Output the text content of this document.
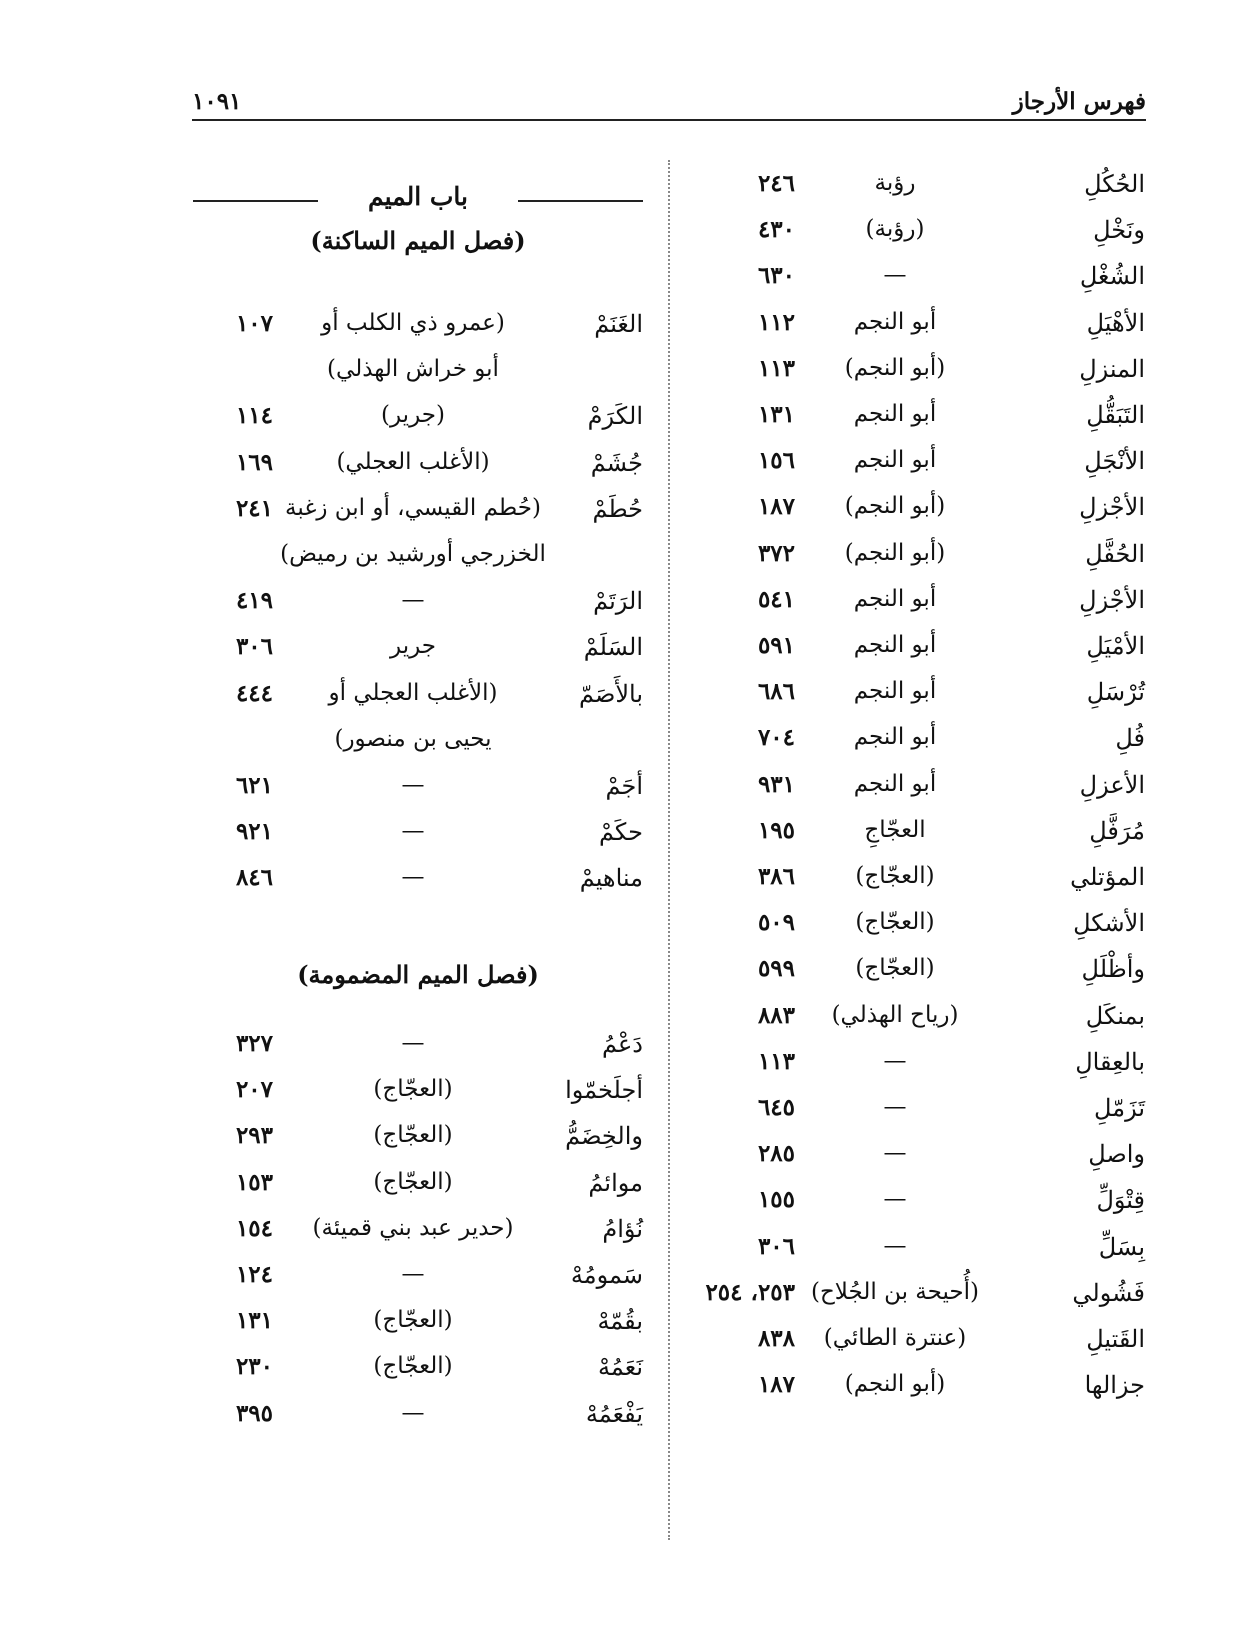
فهرس الأرجاز
١٠٩١
الحُكُلِ
رؤبة
٢٤٦
ونَخْلِ
(رؤبة)
٤٣٠
الشُغْلِ
—
٦٣٠
الأهْيَلِ
أبو النجم
١١٢
المنزلِ
(أبو النجم)
١١٣
التَبَقُّلِ
أبو النجم
١٣١
الأنْجَلِ
أبو النجم
١٥٦
الأجْزلِ
(أبو النجم)
١٨٧
الحُفَّلِ
(أبو النجم)
٣٧٢
الأجْزلِ
أبو النجم
٥٤١
الأمْيَلِ
أبو النجم
٥٩١
تُرْسَلِ
أبو النجم
٦٨٦
فُلِ
أبو النجم
٧٠٤
الأعزلِ
أبو النجم
٩٣١
مُرَفَّلِ
العجّاجِ
١٩٥
المؤتلي
(العجّاج)
٣٨٦
الأشكلِ
(العجّاج)
٥٠٩
وأظْلَلِ
(العجّاج)
٥٩٩
بمنكَلِ
(رياح الهذلي)
٨٨٣
بالعِقالِ
—
١١٣
تَزَمّلِ
—
٦٤٥
واصلِ
—
٢٨٥
قِتْوَلِّ
—
١٥٥
بِسَلِّ
—
٣٠٦
فَشُولي
(أُحيحة بن الجُلاح)
٢٥٣، ٢٥٤
القَتيلِ
(عنترة الطائي)
٨٣٨
جزالها
(أبو النجم)
١٨٧
باب الميم
(فصل الميم الساكنة)
الغَنَمْ
(عمرو ذي الكلب أو
١٠٧
أبو خراش الهذلي)
الكَرَمْ
(جرير)
١١٤
جُشَمْ
(الأغلب العجلي)
١٦٩
حُطَمْ
(حُطم القيسي، أو ابن زغبة
٢٤١
الخزرجي أورشيد بن رميض)
الرَتَمْ
—
٤١٩
السَلَمْ
جرير
٣٠٦
بالأَصَمّ
(الأغلب العجلي أو
٤٤٤
يحيى بن منصور)
أجَمْ
—
٦٢١
حكَمْ
—
٩٢١
مناهيمْ
—
٨٤٦
(فصل الميم المضمومة)
دَعْمُ
—
٣٢٧
أجلَخمّوا
(العجّاج)
٢٠٧
والخِضَمُّ
(العجّاج)
٢٩٣
موائمُ
(العجّاج)
١٥٣
نُؤامُ
(حدير عبد بني قميئة)
١٥٤
سَمومُهْ
—
١٢٤
بقُمّهْ
(العجّاج)
١٣١
نَعَمُهْ
(العجّاج)
٢٣٠
يَفْعَمُهْ
—
٣٩٥
